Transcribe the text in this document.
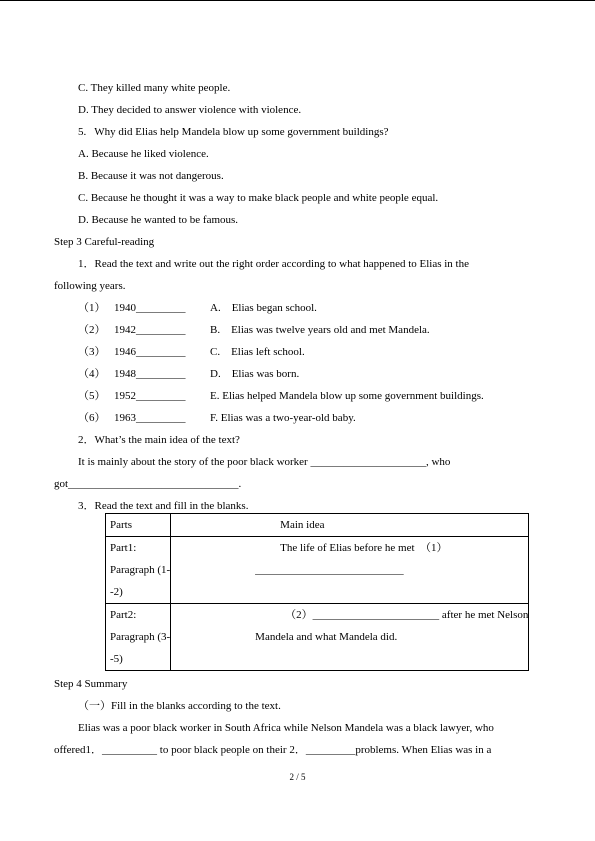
C. They killed many white people.
D. They decided to answer violence with violence.
5.   Why did Elias help Mandela blow up some government buildings?
A. Because he liked violence.
B. Because it was not dangerous.
C. Because he thought it was a way to make black people and white people equal.
D. Because he wanted to be famous.
Step 3 Careful-reading
1．Read the text and write out the right order according to what happened to Elias in the
following years.
（1） 1940_________ A.    Elias began school.
（2） 1942_________ B.    Elias was twelve years old and met Mandela.
（3） 1946_________ C.    Elias left school.
（4） 1948_________ D.    Elias was born.
（5） 1952_________ E. Elias helped Mandela blow up some government buildings.
（6） 1963_________ F. Elias was a two-year-old baby.
2．What’s the main idea of the text?
It is mainly about the story of the poor black worker _____________________, who
got_______________________________.
3．Read the text and fill in the blanks.
Parts	Main idea

Part1:
Paragraph (1-
-2)	The life of Elias before he met  （1）
___________________________

Part2:
Paragraph (3-
-5)	（2）_______________________ after he met Nelson
Mandela and what Mandela did.
Step 4 Summary
（一）Fill in the blanks according to the text.
Elias was a poor black worker in South Africa while Nelson Mandela was a black lawyer, who
offered1．__________ to poor black people on their 2．_________problems. When Elias was in a
2 / 5
